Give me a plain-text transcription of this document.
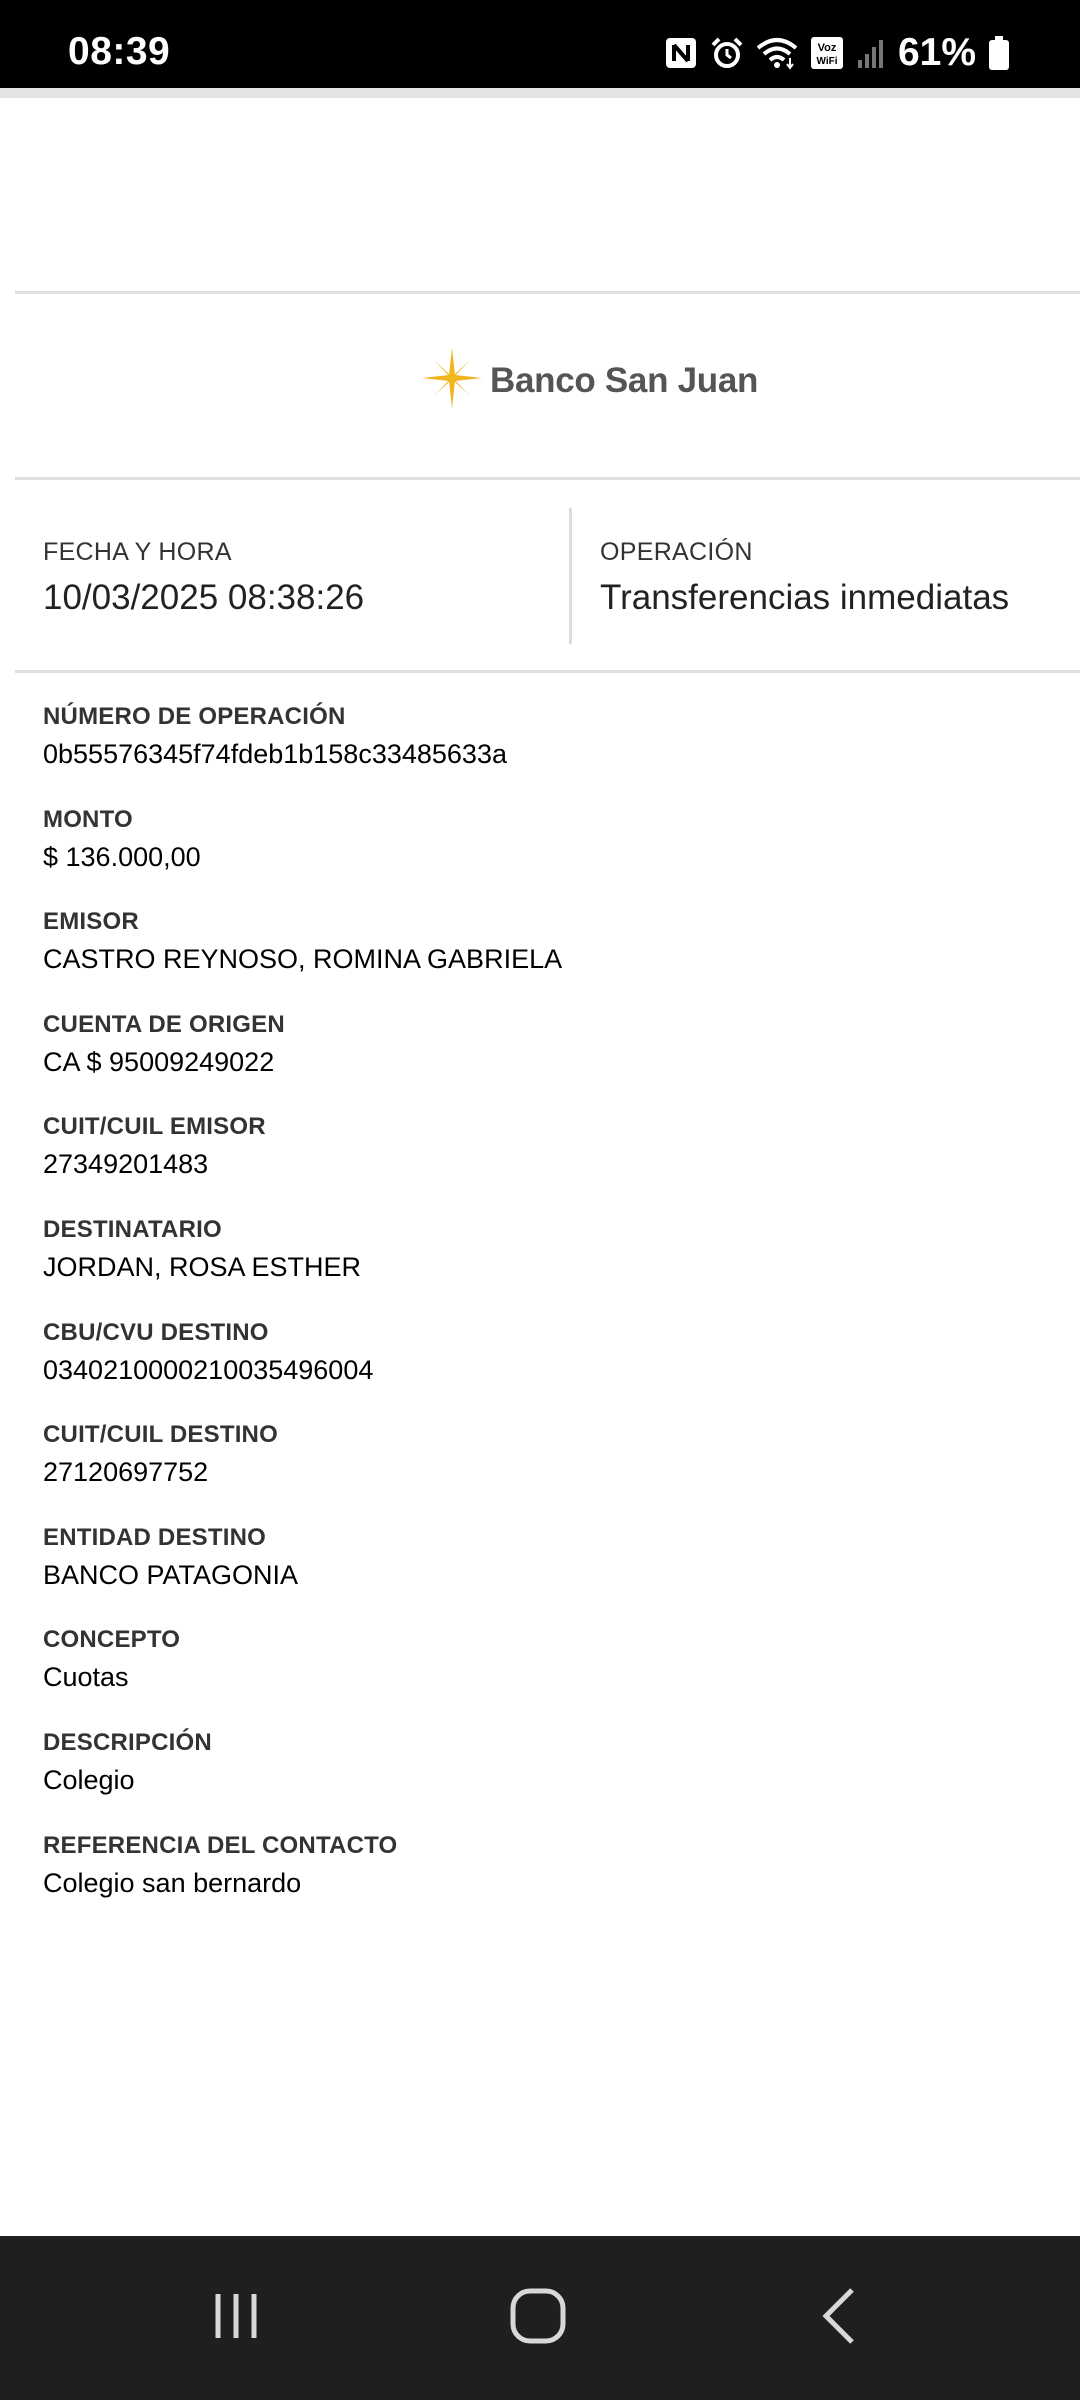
08:39	Voz
WiFi 61%
Banco San Juan
FECHA Y HORA
10/03/2025 08:38:26
OPERACIÓN
Transferencias inmediatas
NÚMERO DE OPERACIÓN
0b55576345f74fdeb1b158c33485633a
MONTO
$ 136.000,00
EMISOR
CASTRO REYNOSO, ROMINA GABRIELA
CUENTA DE ORIGEN
CA $ 95009249022
CUIT/CUIL EMISOR
27349201483
DESTINATARIO
JORDAN, ROSA ESTHER
CBU/CVU DESTINO
0340210000210035496004
CUIT/CUIL DESTINO
27120697752
ENTIDAD DESTINO
BANCO PATAGONIA
CONCEPTO
Cuotas
DESCRIPCIÓN
Colegio
REFERENCIA DEL CONTACTO
Colegio san bernardo
